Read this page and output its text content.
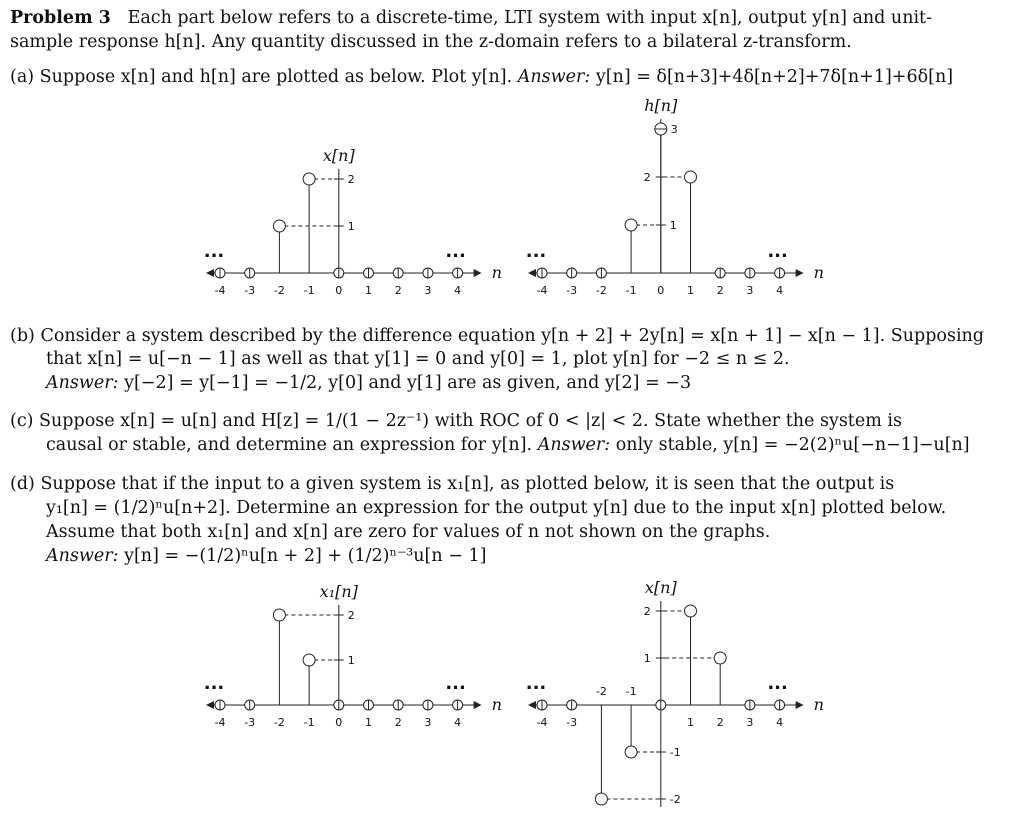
Problem 3 Each part below refers to a discrete-time, LTI system with input x[n], output y[n] and unit-
sample response h[n]. Any quantity discussed in the z-domain refers to a bilateral z-transform.
(a) Suppose x[n] and h[n] are plotted as below. Plot y[n]. Answer: y[n] = δ[n+3]+4δ[n+2]+7δ[n+1]+6δ[n]
n
x[n]
...	...
-4 -3 -2 -1 0 1 2 3 4
1
2
n
h[n]
...	...
-4 -3 -2 -1 0 1 2 3 4
1
3
2
(b) Consider a system described by the difference equation y[n + 2] + 2y[n] = x[n + 1] − x[n − 1]. Supposing
that x[n] = u[−n − 1] as well as that y[1] = 0 and y[0] = 1, plot y[n] for −2 ≤ n ≤ 2.
Answer: y[−2] = y[−1] = −1/2, y[0] and y[1] are as given, and y[2] = −3
(c) Suppose x[n] = u[n] and H[z] = 1/(1 − 2z⁻¹) with ROC of 0 < |z| < 2. State whether the system is
causal or stable, and determine an expression for y[n]. Answer: only stable, y[n] = −2(2)ⁿu[−n−1]−u[n]
(d) Suppose that if the input to a given system is x₁[n], as plotted below, it is seen that the output is
y₁[n] = (1/2)ⁿu[n+2]. Determine an expression for the output y[n] due to the input x[n] plotted below.
Assume that both x₁[n] and x[n] are zero for values of n not shown on the graphs.
Answer: y[n] = −(1/2)ⁿu[n + 2] + (1/2)ⁿ⁻³u[n − 1]
n
x₁[n]
...	...
-4 -3 -2 -1 0 1 2 3 4
2
1
n
x[n]
...	...
-4 -3
-2 -1
1 2 3 4
-2
-1
2
1
